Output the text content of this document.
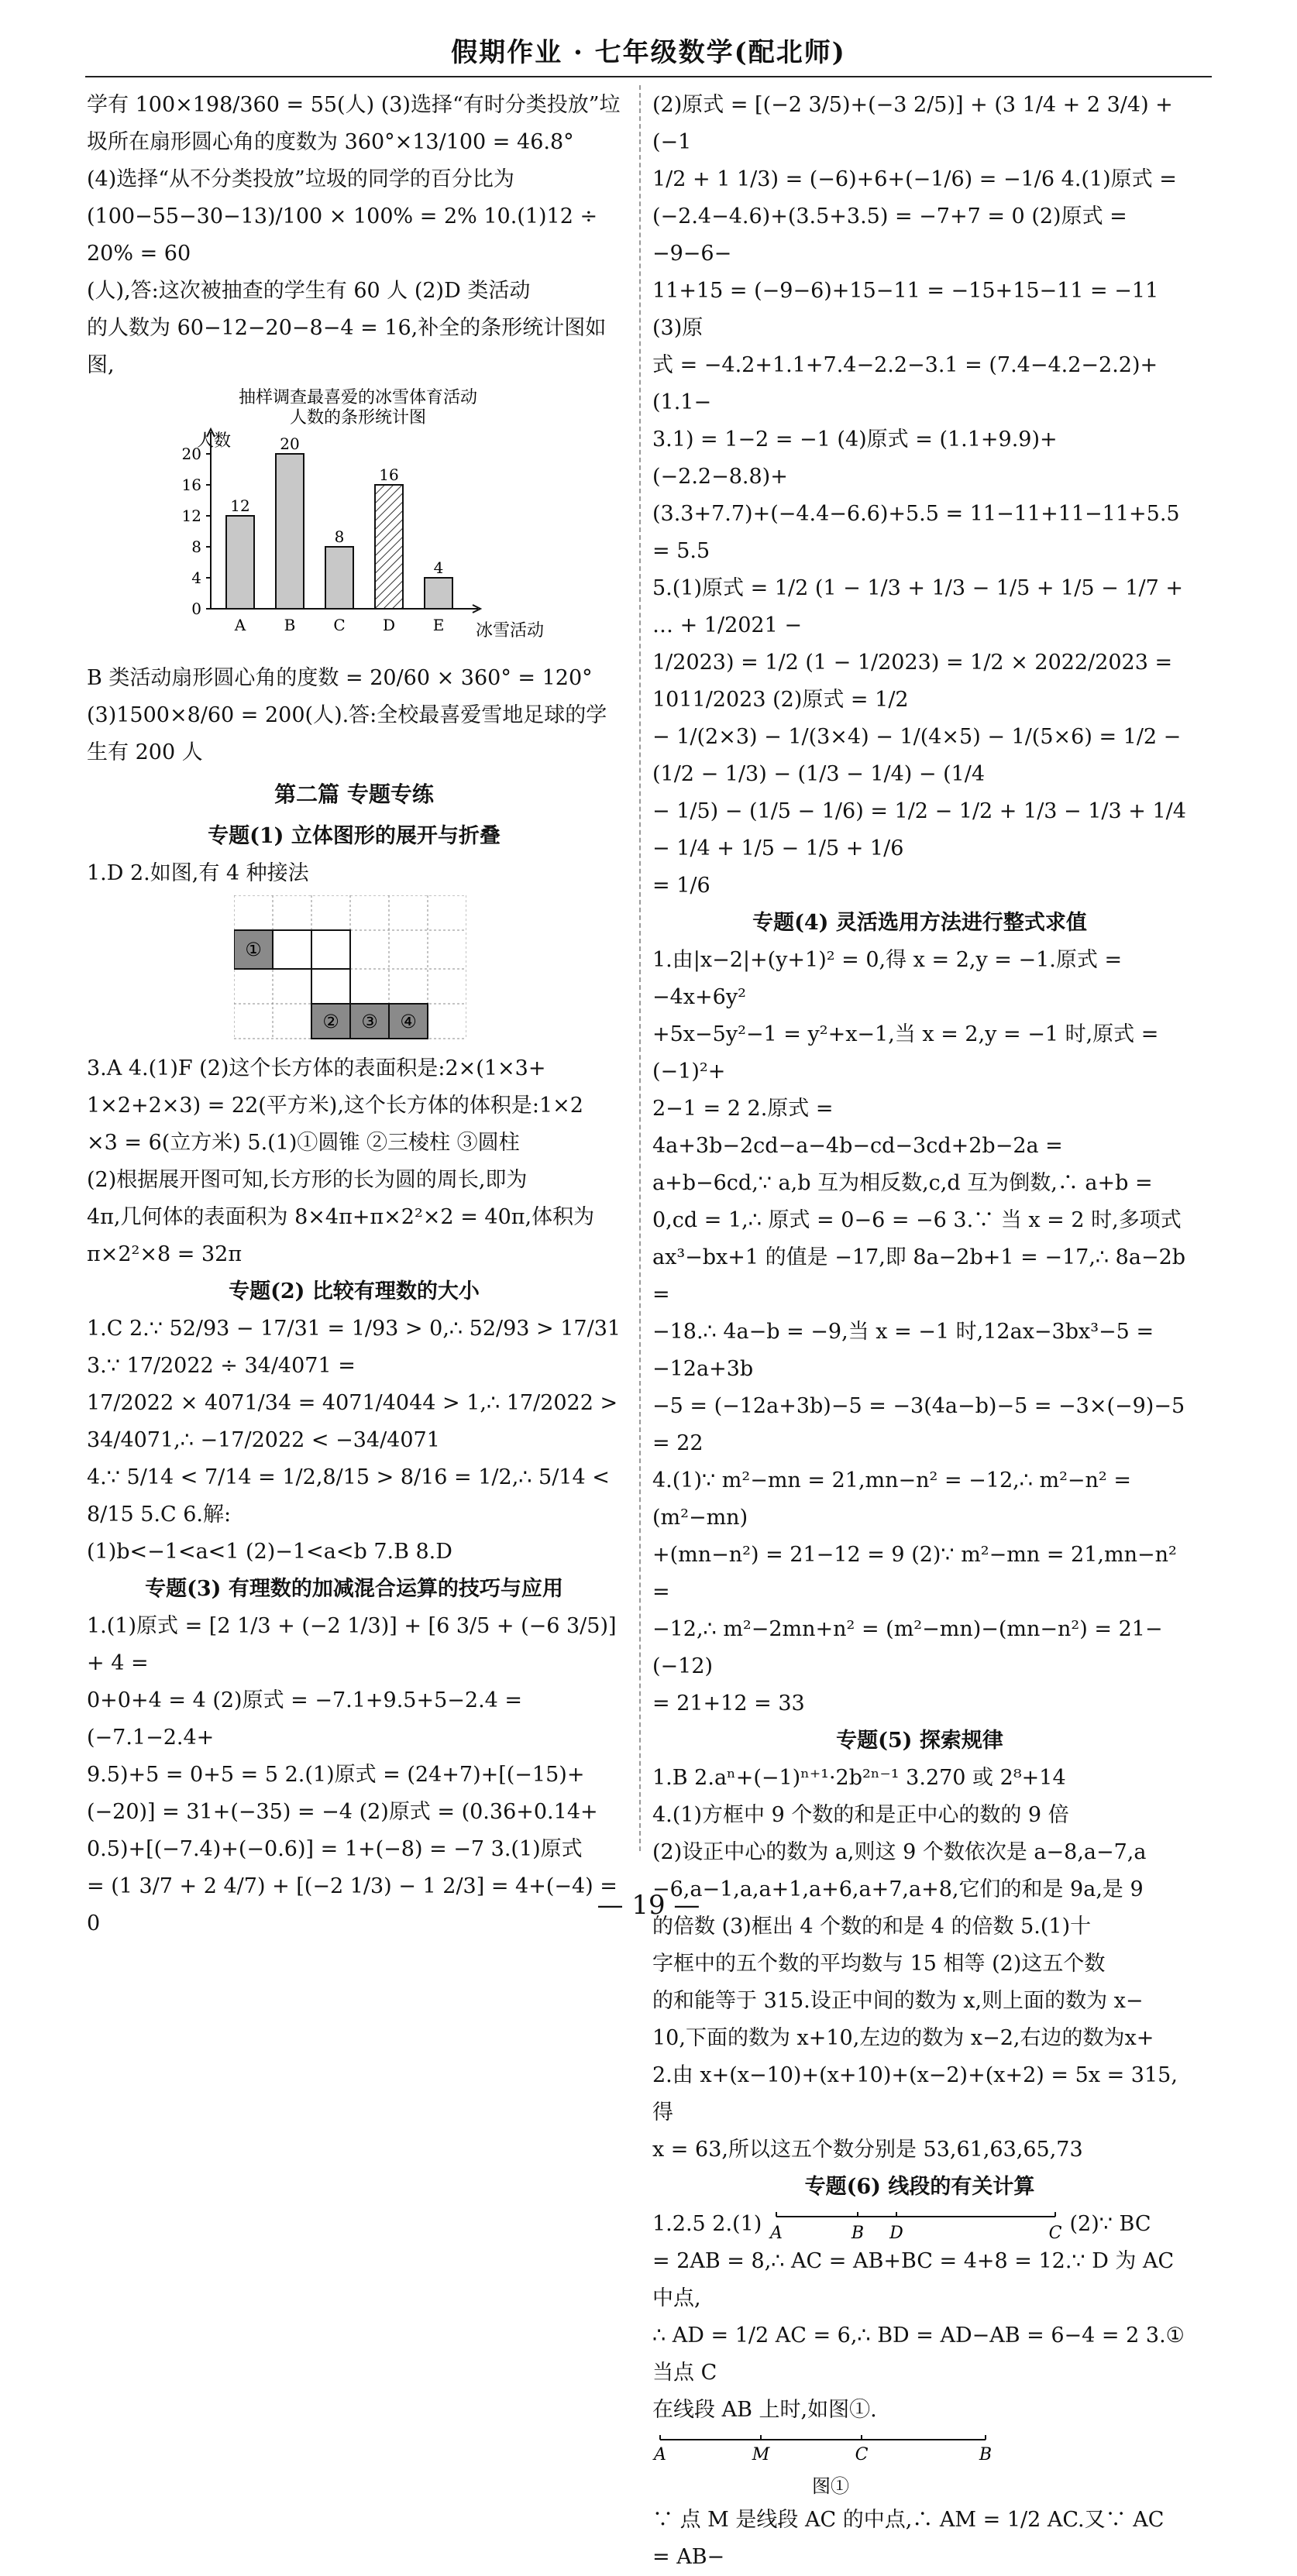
假期作业 · 七年级数学(配北师)

学有 100×198/360 = 55(人) (3)选择“有时分类投放”垃

圾所在扇形圆心角的度数为 360°×13/100 = 46.8°

(4)选择“从不分类投放”垃圾的同学的百分比为

(100−55−30−13)/100 × 100% = 2% 10.(1)12 ÷ 20% = 60

(人),答:这次被抽查的学生有 60 人 (2)D 类活动

的人数为 60−12−20−8−4 = 16,补全的条形统计图如

图,

抽样调查最喜爱的冰雪体育活动
人数的条形统计图
人数
冰雪活动
0
4
8
12
16
20
12
A
20
B
8
C
16
D
4
E

B 类活动扇形圆心角的度数 = 20/60 × 360° = 120°

(3)1500×8/60 = 200(人).答:全校最喜爱雪地足球的学

生有 200 人

第二篇 专题专练

专题(1) 立体图形的展开与折叠

1.D 2.如图,有 4 种接法

①
② ③ ④

3.A 4.(1)F (2)这个长方体的表面积是:2×(1×3+

1×2+2×3) = 22(平方米),这个长方体的体积是:1×2

×3 = 6(立方米) 5.(1)①圆锥 ②三棱柱 ③圆柱

(2)根据展开图可知,长方形的长为圆的周长,即为

4π,几何体的表面积为 8×4π+π×2²×2 = 40π,体积为

π×2²×8 = 32π

专题(2) 比较有理数的大小

1.C 2.∵ 52/93 − 17/31 = 1/93 > 0,∴ 52/93 > 17/31 3.∵ 17/2022 ÷ 34/4071 =

17/2022 × 4071/34 = 4071/4044 > 1,∴ 17/2022 > 34/4071,∴ −17/2022 < −34/4071

4.∵ 5/14 < 7/14 = 1/2,8/15 > 8/16 = 1/2,∴ 5/14 < 8/15 5.C 6.解:

(1)b<−1<a<1 (2)−1<a<b 7.B 8.D

专题(3) 有理数的加减混合运算的技巧与应用

1.(1)原式 = [2 1/3 + (−2 1/3)] + [6 3/5 + (−6 3/5)] + 4 =

0+0+4 = 4 (2)原式 = −7.1+9.5+5−2.4 = (−7.1−2.4+

9.5)+5 = 0+5 = 5 2.(1)原式 = (24+7)+[(−15)+

(−20)] = 31+(−35) = −4 (2)原式 = (0.36+0.14+

0.5)+[(−7.4)+(−0.6)] = 1+(−8) = −7 3.(1)原式

= (1 3/7 + 2 4/7) + [(−2 1/3) − 1 2/3] = 4+(−4) = 0

(2)原式 = [(−2 3/5)+(−3 2/5)] + (3 1/4 + 2 3/4) + (−1

1/2 + 1 1/3) = (−6)+6+(−1/6) = −1/6 4.(1)原式 =

(−2.4−4.6)+(3.5+3.5) = −7+7 = 0 (2)原式 = −9−6−

11+15 = (−9−6)+15−11 = −15+15−11 = −11 (3)原

式 = −4.2+1.1+7.4−2.2−3.1 = (7.4−4.2−2.2)+(1.1−

3.1) = 1−2 = −1 (4)原式 = (1.1+9.9)+(−2.2−8.8)+

(3.3+7.7)+(−4.4−6.6)+5.5 = 11−11+11−11+5.5 = 5.5

5.(1)原式 = 1/2 (1 − 1/3 + 1/3 − 1/5 + 1/5 − 1/7 + … + 1/2021 −

1/2023) = 1/2 (1 − 1/2023) = 1/2 × 2022/2023 = 1011/2023 (2)原式 = 1/2

− 1/(2×3) − 1/(3×4) − 1/(4×5) − 1/(5×6) = 1/2 − (1/2 − 1/3) − (1/3 − 1/4) − (1/4

− 1/5) − (1/5 − 1/6) = 1/2 − 1/2 + 1/3 − 1/3 + 1/4 − 1/4 + 1/5 − 1/5 + 1/6

= 1/6

专题(4) 灵活选用方法进行整式求值

1.由|x−2|+(y+1)² = 0,得 x = 2,y = −1.原式 = −4x+6y²

+5x−5y²−1 = y²+x−1,当 x = 2,y = −1 时,原式 = (−1)²+

2−1 = 2 2.原式 = 4a+3b−2cd−a−4b−cd−3cd+2b−2a =

a+b−6cd,∵ a,b 互为相反数,c,d 互为倒数,∴ a+b =

0,cd = 1,∴ 原式 = 0−6 = −6 3.∵ 当 x = 2 时,多项式

ax³−bx+1 的值是 −17,即 8a−2b+1 = −17,∴ 8a−2b =

−18.∴ 4a−b = −9,当 x = −1 时,12ax−3bx³−5 = −12a+3b

−5 = (−12a+3b)−5 = −3(4a−b)−5 = −3×(−9)−5 = 22

4.(1)∵ m²−mn = 21,mn−n² = −12,∴ m²−n² = (m²−mn)

+(mn−n²) = 21−12 = 9 (2)∵ m²−mn = 21,mn−n² =

−12,∴ m²−2mn+n² = (m²−mn)−(mn−n²) = 21−(−12)

= 21+12 = 33

专题(5) 探索规律

1.B 2.aⁿ+(−1)ⁿ⁺¹·2b²ⁿ⁻¹ 3.270 或 2⁸+14

4.(1)方框中 9 个数的和是正中心的数的 9 倍

(2)设正中心的数为 a,则这 9 个数依次是 a−8,a−7,a

−6,a−1,a,a+1,a+6,a+7,a+8,它们的和是 9a,是 9

的倍数 (3)框出 4 个数的和是 4 的倍数 5.(1)十

字框中的五个数的平均数与 15 相等 (2)这五个数

的和能等于 315.设正中间的数为 x,则上面的数为 x−

10,下面的数为 x+10,左边的数为 x−2,右边的数为x+

2.由 x+(x−10)+(x+10)+(x−2)+(x+2) = 5x = 315,得

x = 63,所以这五个数分别是 53,61,63,65,73

专题(6) 线段的有关计算

1.2.5 2.(1) A	B D	C (2)∵ BC

= 2AB = 8,∴ AC = AB+BC = 4+8 = 12.∵ D 为 AC 中点,

∴ AD = 1/2 AC = 6,∴ BD = AD−AB = 6−4 = 2 3.①当点 C

在线段 AB 上时,如图①.

A	M	C	B
图①

∵ 点 M 是线段 AC 的中点,∴ AM = 1/2 AC.又∵ AC = AB−

— 19 —
